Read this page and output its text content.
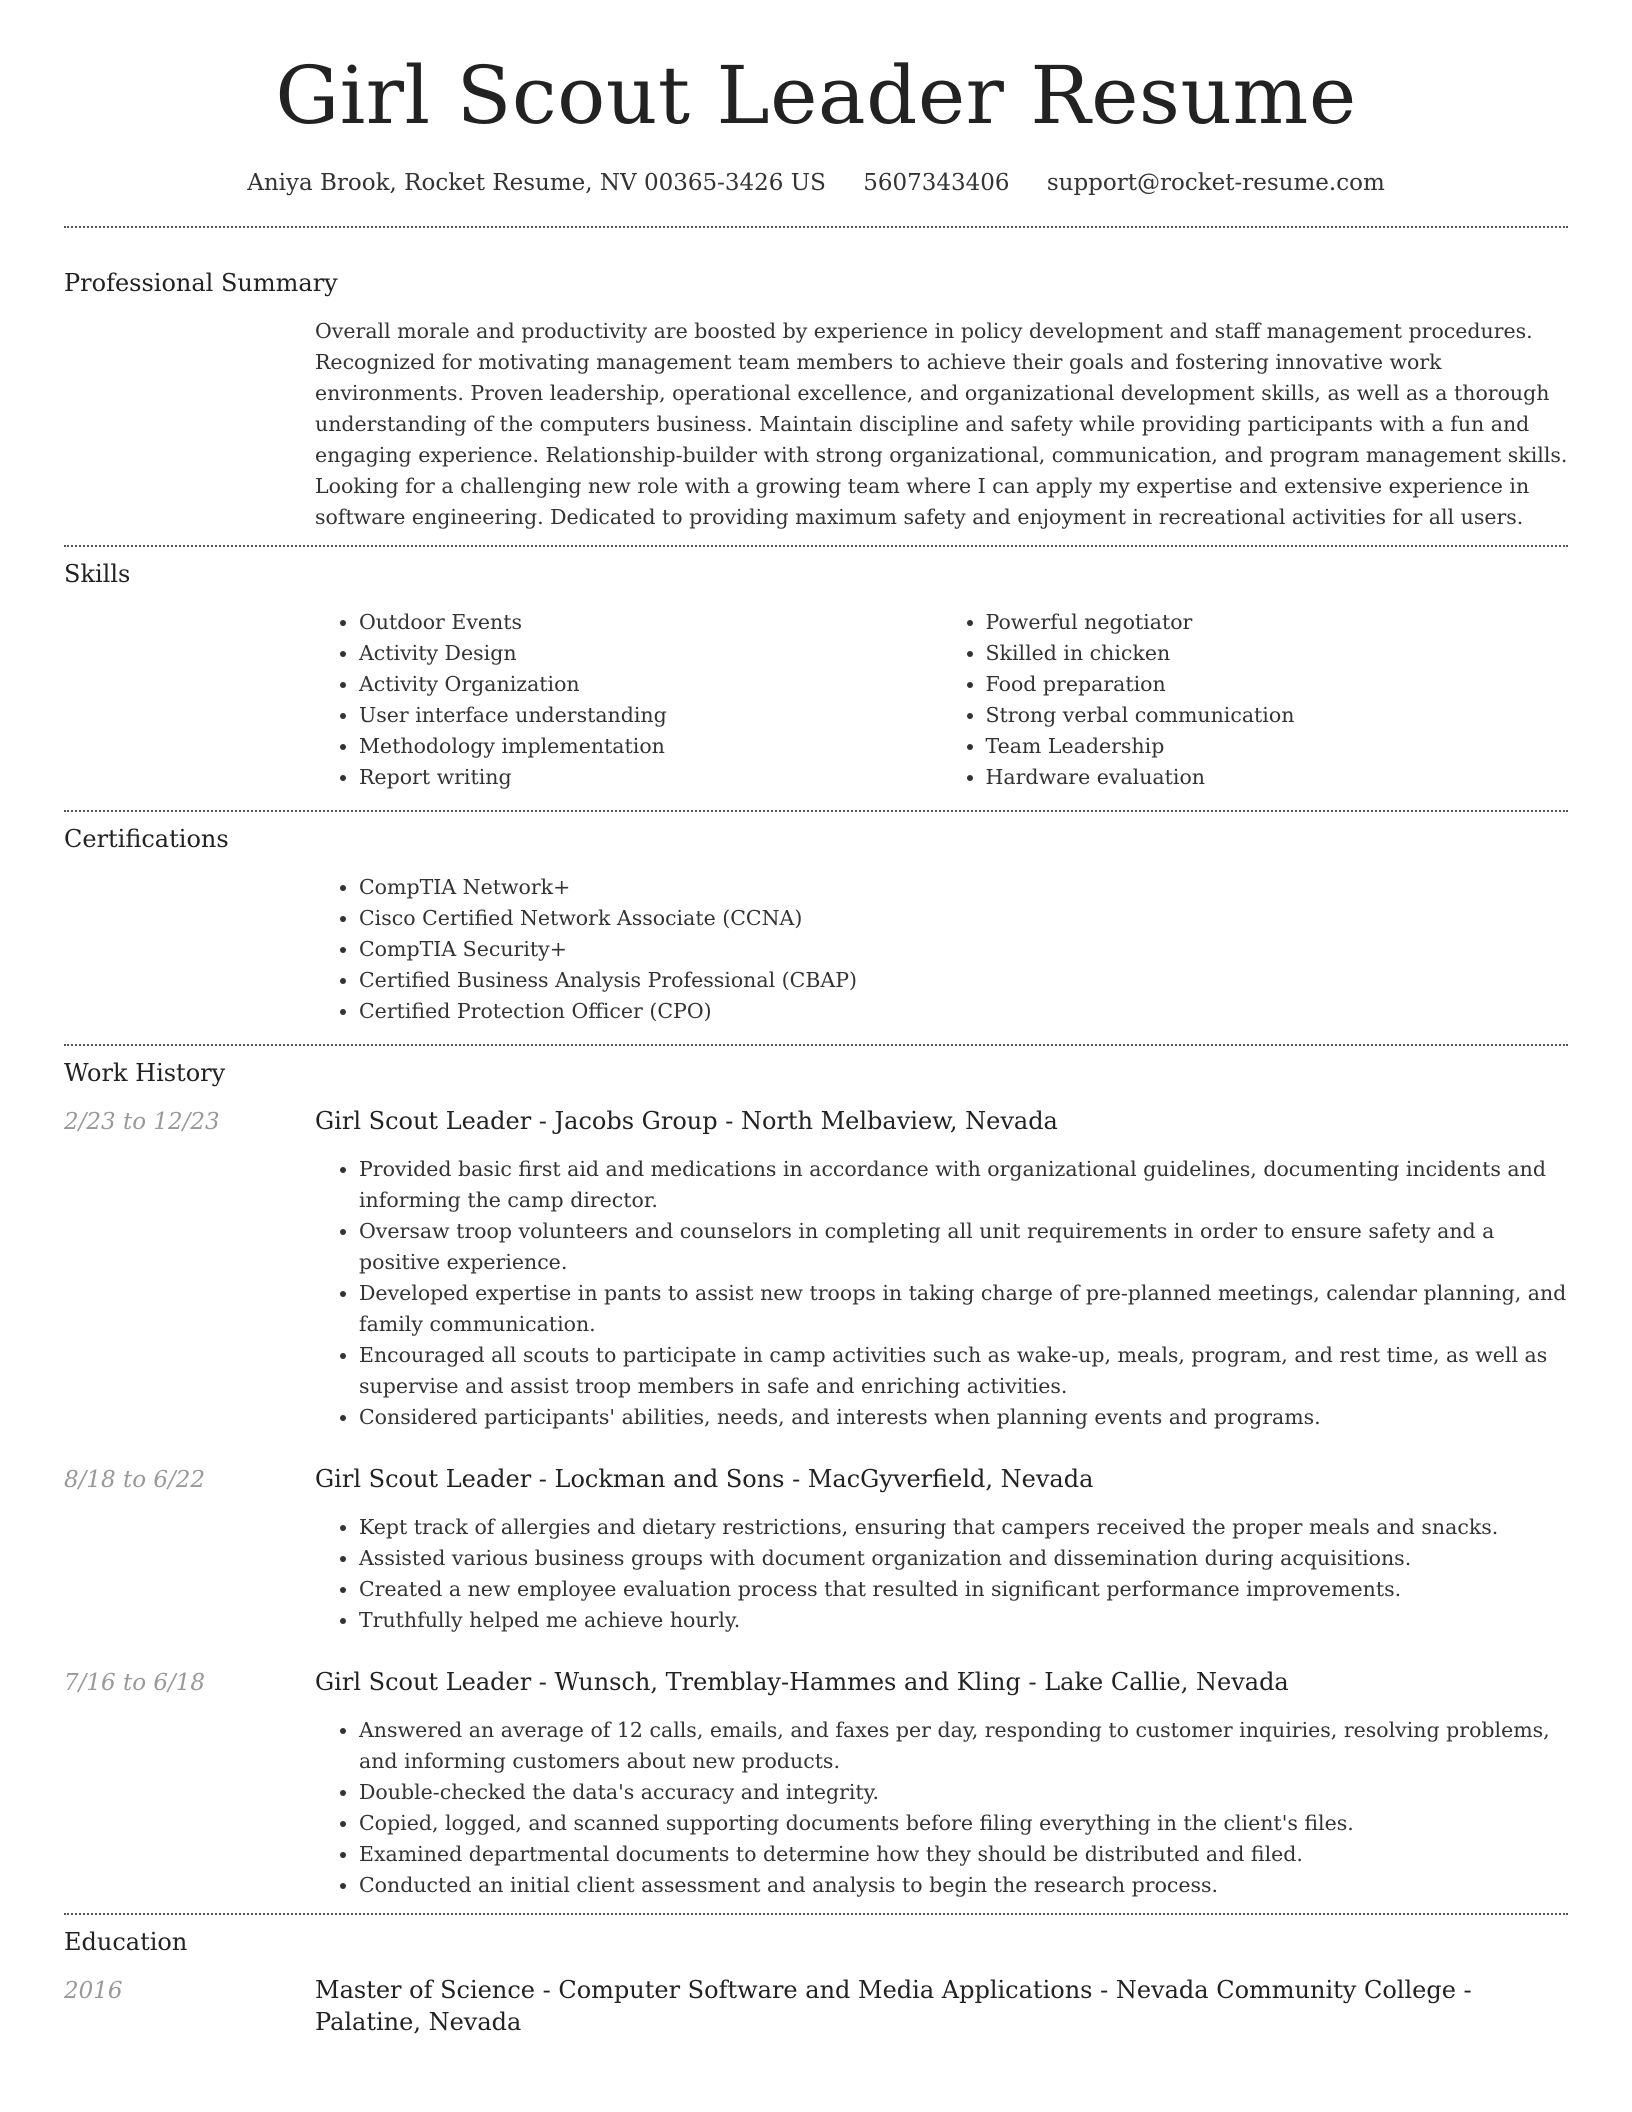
Girl Scout Leader Resume
Aniya Brook, Rocket Resume, NV 00365-3426 US 5607343406 support@rocket-resume.com
Professional Summary
Overall morale and productivity are boosted by experience in policy development and staff management procedures. Recognized for motivating management team members to achieve their goals and fostering innovative work environments. Proven leadership, operational excellence, and organizational development skills, as well as a thorough understanding of the computers business. Maintain discipline and safety while providing participants with a fun and engaging experience. Relationship-builder with strong organizational, communication, and program management skills. Looking for a challenging new role with a growing team where I can apply my expertise and extensive experience in software engineering. Dedicated to providing maximum safety and enjoyment in recreational activities for all users.
Skills
• Outdoor Events
• Activity Design
• Activity Organization
• User interface understanding
• Methodology implementation
• Report writing
• Powerful negotiator
• Skilled in chicken
• Food preparation
• Strong verbal communication
• Team Leadership
• Hardware evaluation
Certifications
• CompTIA Network+
• Cisco Certified Network Associate (CCNA)
• CompTIA Security+
• Certified Business Analysis Professional (CBAP)
• Certified Protection Officer (CPO)
Work History
2/23 to 12/23	Girl Scout Leader - Jacobs Group - North Melbaview, Nevada
• Provided basic first aid and medications in accordance with organizational guidelines, documenting incidents and informing the camp director.
• Oversaw troop volunteers and counselors in completing all unit requirements in order to ensure safety and a positive experience.
• Developed expertise in pants to assist new troops in taking charge of pre-planned meetings, calendar planning, and family communication.
• Encouraged all scouts to participate in camp activities such as wake-up, meals, program, and rest time, as well as supervise and assist troop members in safe and enriching activities.
• Considered participants' abilities, needs, and interests when planning events and programs.
8/18 to 6/22	Girl Scout Leader - Lockman and Sons - MacGyverfield, Nevada
• Kept track of allergies and dietary restrictions, ensuring that campers received the proper meals and snacks.
• Assisted various business groups with document organization and dissemination during acquisitions.
• Created a new employee evaluation process that resulted in significant performance improvements.
• Truthfully helped me achieve hourly.
7/16 to 6/18	Girl Scout Leader - Wunsch, Tremblay-Hammes and Kling - Lake Callie, Nevada
• Answered an average of 12 calls, emails, and faxes per day, responding to customer inquiries, resolving problems, and informing customers about new products.
• Double-checked the data's accuracy and integrity.
• Copied, logged, and scanned supporting documents before filing everything in the client's files.
• Examined departmental documents to determine how they should be distributed and filed.
• Conducted an initial client assessment and analysis to begin the research process.
Education
2016	Master of Science - Computer Software and Media Applications - Nevada Community College - Palatine, Nevada
